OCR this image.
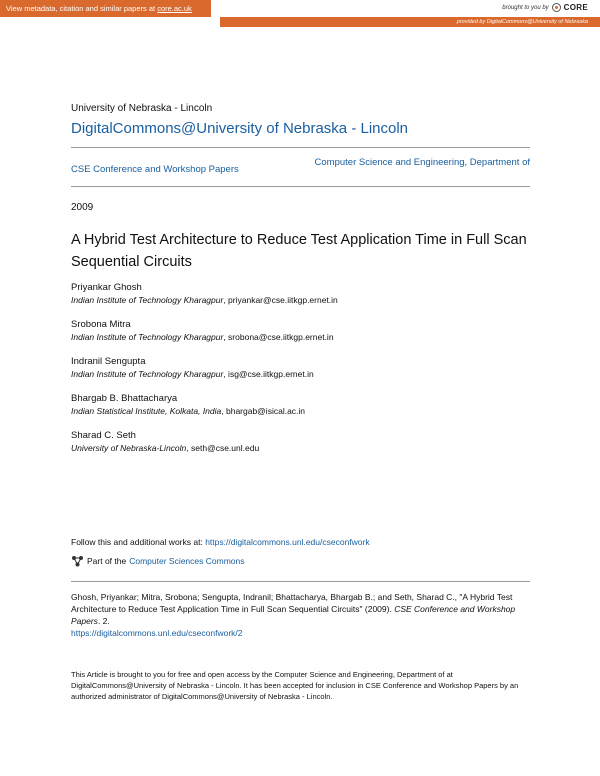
View metadata, citation and similar papers at core.ac.uk	brought to you by CORE
provided by DigitalCommons@University of Nebraska
University of Nebraska - Lincoln
DigitalCommons@University of Nebraska - Lincoln
CSE Conference and Workshop Papers
Computer Science and Engineering, Department of
2009
A Hybrid Test Architecture to Reduce Test Application Time in Full Scan Sequential Circuits
Priyankar Ghosh
Indian Institute of Technology Kharagpur, priyankar@cse.iitkgp.ernet.in
Srobona Mitra
Indian Institute of Technology Kharagpur, srobona@cse.iitkgp.ernet.in
Indranil Sengupta
Indian Institute of Technology Kharagpur, isg@cse.iitkgp.ernet.in
Bhargab B. Bhattacharya
Indian Statistical Institute, Kolkata, India, bhargab@isical.ac.in
Sharad C. Seth
University of Nebraska-Lincoln, seth@cse.unl.edu
Follow this and additional works at: https://digitalcommons.unl.edu/cseconfwork
Part of the Computer Sciences Commons
Ghosh, Priyankar; Mitra, Srobona; Sengupta, Indranil; Bhattacharya, Bhargab B.; and Seth, Sharad C., "A Hybrid Test Architecture to Reduce Test Application Time in Full Scan Sequential Circuits" (2009). CSE Conference and Workshop Papers. 2.
https://digitalcommons.unl.edu/cseconfwork/2
This Article is brought to you for free and open access by the Computer Science and Engineering, Department of at DigitalCommons@University of Nebraska - Lincoln. It has been accepted for inclusion in CSE Conference and Workshop Papers by an authorized administrator of DigitalCommons@University of Nebraska - Lincoln.
